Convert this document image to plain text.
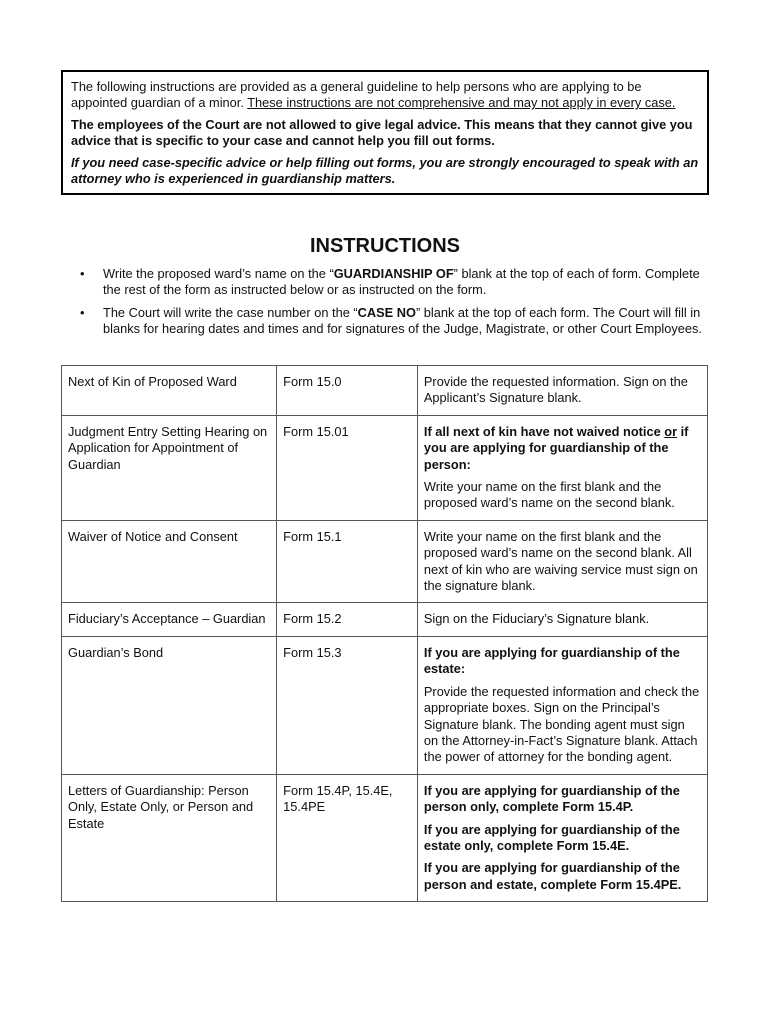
The following instructions are provided as a general guideline to help persons who are applying to be appointed guardian of a minor. These instructions are not comprehensive and may not apply in every case.

The employees of the Court are not allowed to give legal advice. This means that they cannot give you advice that is specific to your case and cannot help you fill out forms.

If you need case-specific advice or help filling out forms, you are strongly encouraged to speak with an attorney who is experienced in guardianship matters.

INSTRUCTIONS
• Write the proposed ward’s name on the “GUARDIANSHIP OF” blank at the top of each of form. Complete the rest of the form as instructed below or as instructed on the form.
• The Court will write the case number on the “CASE NO” blank at the top of each form. The Court will fill in blanks for hearing dates and times and for signatures of the Judge, Magistrate, or other Court Employees.
Next of Kin of Proposed Ward	Form 15.0	Provide the requested information. Sign on the Applicant’s Signature blank.

Judgment Entry Setting Hearing on Application for Appointment of Guardian	Form 15.01	If all next of kin have not waived notice or if you are applying for guardianship of the person:

Write your name on the first blank and the proposed ward’s name on the second blank.

Waiver of Notice and Consent	Form 15.1	Write your name on the first blank and the proposed ward’s name on the second blank. All next of kin who are waiving service must sign on the signature blank.

Fiduciary’s Acceptance – Guardian	Form 15.2	Sign on the Fiduciary’s Signature blank.

Guardian’s Bond	Form 15.3	If you are applying for guardianship of the estate:

Provide the requested information and check the appropriate boxes. Sign on the Principal’s Signature blank. The bonding agent must sign on the Attorney-in-Fact’s Signature blank. Attach the power of attorney for the bonding agent.

Letters of Guardianship: Person Only, Estate Only, or Person and Estate	Form 15.4P, 15.4E, 15.4PE	If you are applying for guardianship of the person only, complete Form 15.4P.

If you are applying for guardianship of the estate only, complete Form 15.4E.

If you are applying for guardianship of the person and estate, complete Form 15.4PE.
